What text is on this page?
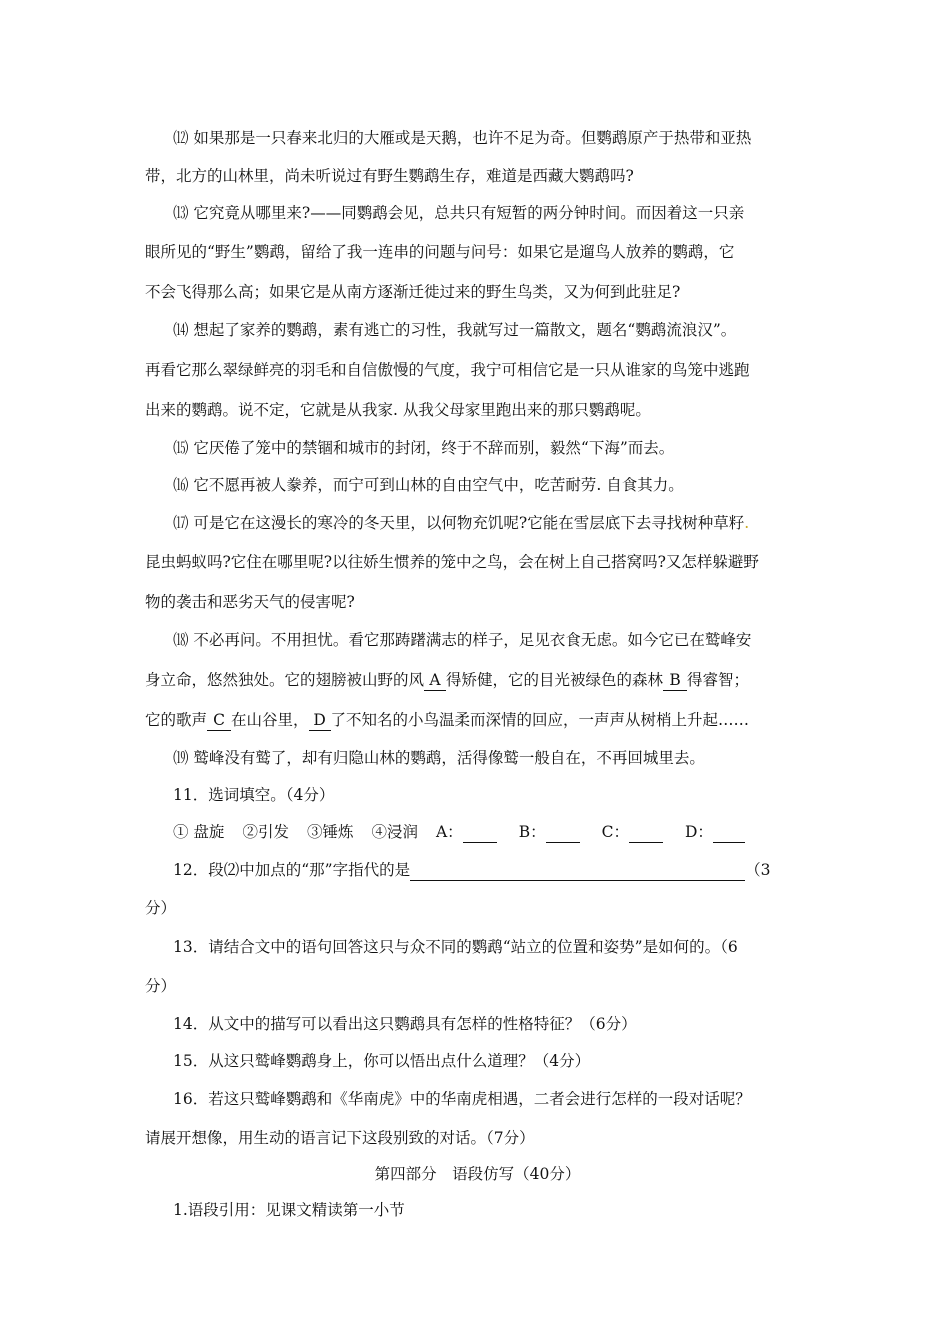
⑿ 如果那是一只春来北归的大雁或是天鹅，也许不足为奇。但鹦鹉原产于热带和亚热
带，北方的山林里，尚未听说过有野生鹦鹉生存，难道是西藏大鹦鹉吗?
⒀ 它究竟从哪里来?——同鹦鹉会见，总共只有短暂的两分钟时间。而因着这一只亲
眼所见的“野生”鹦鹉，留给了我一连串的问题与问号：如果它是遛鸟人放养的鹦鹉，它
不会飞得那么高；如果它是从南方逐渐迁徙过来的野生鸟类，又为何到此驻足?
⒁ 想起了家养的鹦鹉，素有逃亡的习性，我就写过一篇散文，题名“鹦鹉流浪汉”。
再看它那么翠绿鲜亮的羽毛和自信傲慢的气度，我宁可相信它是一只从谁家的鸟笼中逃跑
出来的鹦鹉。说不定，它就是从我家. 从我父母家里跑出来的那只鹦鹉呢。
⒂ 它厌倦了笼中的禁锢和城市的封闭，终于不辞而别，毅然“下海”而去。
⒃ 它不愿再被人豢养，而宁可到山林的自由空气中，吃苦耐劳. 自食其力。
⒄ 可是它在这漫长的寒冷的冬天里，以何物充饥呢?它能在雪层底下去寻找树种草籽.
昆虫蚂蚁吗?它住在哪里呢?以往娇生惯养的笼中之鸟，会在树上自己搭窝吗?又怎样躲避野
物的袭击和恶劣天气的侵害呢?
⒅ 不必再问。不用担忧。看它那踌躇满志的样子，足见衣食无虑。如今它已在鹫峰安
身立命，悠然独处。它的翅膀被山野的风A得矫健，它的目光被绿色的森林B得睿智；
它的歌声C在山谷里，D了不知名的小鸟温柔而深情的回应，一声声从树梢上升起……
⒆ 鹫峰没有鹫了，却有归隐山林的鹦鹉，活得像鹫一般自在，不再回城里去。
11．选词填空。（4分）
① 盘旋 ②引发 ③锤炼 ④浸润 A：	B：	C：	D：
12．段⑵中加点的“那”字指代的是	（3
分）
13．请结合文中的语句回答这只与众不同的鹦鹉“站立的位置和姿势”是如何的。（6
分）
14．从文中的描写可以看出这只鹦鹉具有怎样的性格特征？（6分）
15．从这只鹫峰鹦鹉身上，你可以悟出点什么道理？（4分）
16．若这只鹫峰鹦鹉和《华南虎》中的华南虎相遇，二者会进行怎样的一段对话呢？
请展开想像，用生动的语言记下这段别致的对话。（7分）
第四部分　语段仿写（40分）
1.语段引用：见课文精读第一小节
